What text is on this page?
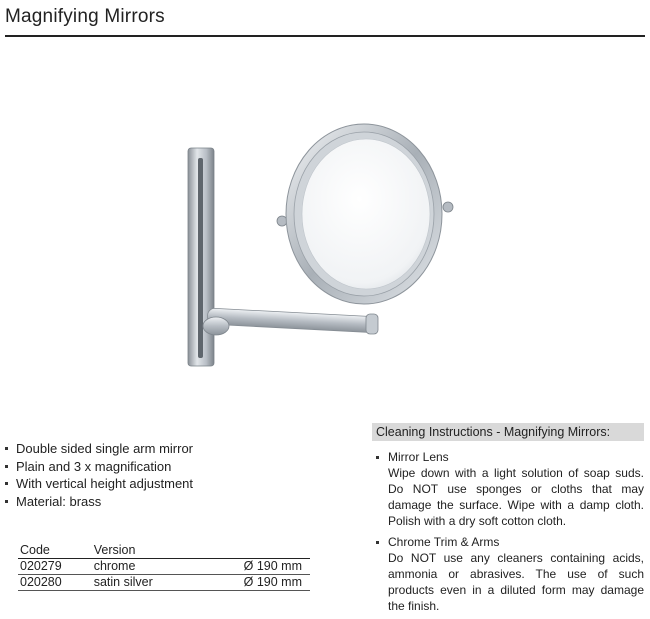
Magnifying Mirrors
Double sided single arm mirror
Plain and 3 x magnification
With vertical height adjustment
Material: brass
Code	Version	
020279	chrome	Ø 190 mm
020280	satin silver	Ø 190 mm
Cleaning Instructions - Magnifying Mirrors:
Mirror Lens
Wipe down with a light solution of soap suds. Do NOT use sponges or cloths that may damage the surface. Wipe with a damp cloth. Polish with a dry soft cotton cloth.
Chrome Trim & Arms
Do NOT use any cleaners containing acids, ammonia or abrasives. The use of such products even in a diluted form may damage the finish.
